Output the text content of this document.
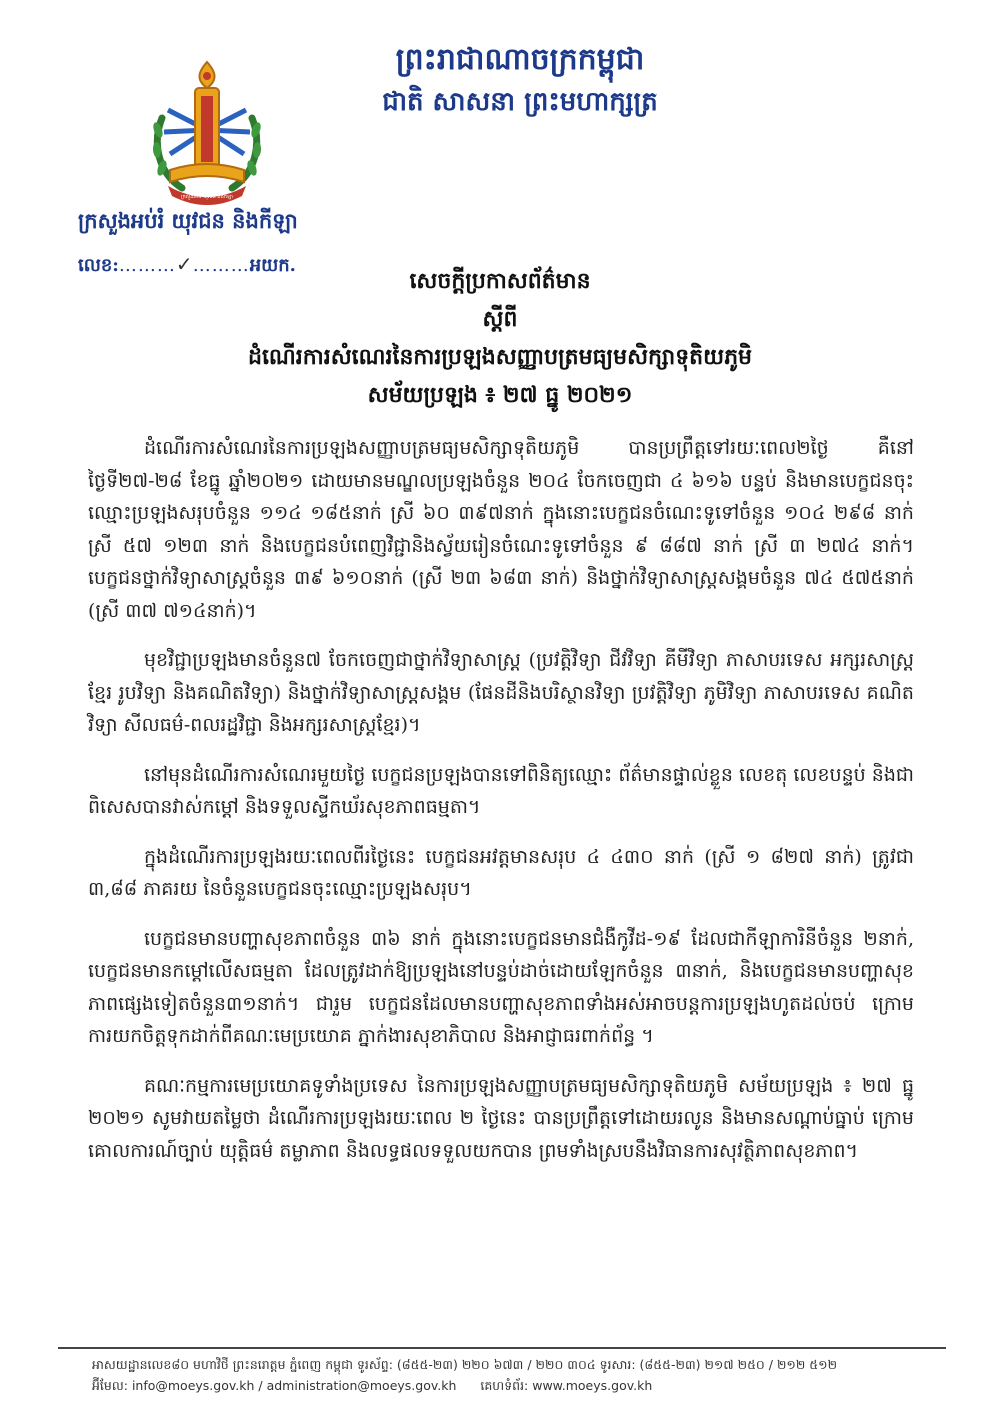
ព្រះរាជាណាចក្រកម្ពុជា
ជាតិ សាសនា ព្រះមហាក្សត្រ
ក្រសួងអប់រំ យុវជន និងកីឡា
ក្រសួងអប់រំ យុវជន និងកីឡា
លេខ:………✓………អយក.
សេចក្តីប្រកាសព័ត៌មាន
ស្តីពី
ដំណើរការសំណេរនៃការប្រឡងសញ្ញាបត្រមធ្យមសិក្សាទុតិយភូមិ
សម័យប្រឡង ៖ ២៧ ធ្នូ ២០២១

ដំណើរការសំណេរនៃការប្រឡងសញ្ញាបត្រមធ្យមសិក្សាទុតិយភូមិ បានប្រព្រឹត្តទៅរយៈពេល២ថ្ងៃ គឺនៅថ្ងៃទី២៧-២៨ ខែធ្នូ ឆ្នាំ២០២១ ដោយមានមណ្ឌលប្រឡងចំនួន ២០៤ ចែកចេញជា ៤ ៦១៦ បន្ទប់ និងមានបេក្ខជនចុះឈ្មោះប្រឡងសរុបចំនួន ១១៤ ១៨៥នាក់ ស្រី ៦០ ៣៩៧នាក់ ក្នុងនោះបេក្ខជនចំណេះទូទៅចំនួន ១០៤ ២៩៨ នាក់ ស្រី ៥៧ ១២៣ នាក់ និងបេក្ខជនបំពេញវិជ្ជានិងស្វ័យរៀនចំណេះទូទៅចំនួន ៩ ៨៨៧ នាក់ ស្រី ៣ ២៧៤ នាក់។ បេក្ខជនថ្នាក់វិទ្យាសាស្ត្រចំនួន ៣៩ ៦១០នាក់ (ស្រី ២៣ ៦៨៣ នាក់) និងថ្នាក់វិទ្យាសាស្ត្រសង្គមចំនួន ៧៤ ៥៧៥នាក់ (ស្រី ៣៧ ៧១៤នាក់)។

មុខវិជ្ជាប្រឡងមានចំនួន៧ ចែកចេញជាថ្នាក់វិទ្យាសាស្ត្រ (ប្រវត្តិវិទ្យា ជីវវិទ្យា គីមីវិទ្យា ភាសាបរទេស អក្សរសាស្ត្រខ្មែរ រូបវិទ្យា និងគណិតវិទ្យា) និងថ្នាក់វិទ្យាសាស្ត្រសង្គម (ផែនដីនិងបរិស្ថានវិទ្យា ប្រវត្តិវិទ្យា ភូមិវិទ្យា ភាសាបរទេស គណិតវិទ្យា សីលធម៌-ពលរដ្ឋវិជ្ជា និងអក្សរសាស្ត្រខ្មែរ)។

នៅមុនដំណើរការសំណេរមួយថ្ងៃ បេក្ខជនប្រឡងបានទៅពិនិត្យឈ្មោះ ព័ត៌មានផ្ទាល់ខ្លួន លេខតុ លេខបន្ទប់ និងជាពិសេសបានវាស់កម្តៅ និងទទួលស្ទីកឃ័រសុខភាពធម្មតា។

ក្នុងដំណើរការប្រឡងរយៈពេលពីរថ្ងៃនេះ បេក្ខជនអវត្តមានសរុប ៤ ៤៣០ នាក់ (ស្រី ១ ៨២៧ នាក់) ត្រូវជា ៣,៨៨ ភាគរយ នៃចំនួនបេក្ខជនចុះឈ្មោះប្រឡងសរុប។

បេក្ខជនមានបញ្ហាសុខភាពចំនួន ៣៦ នាក់ ក្នុងនោះបេក្ខជនមានជំងឺកូវីដ-១៩ ដែលជាកីឡាការិនីចំនួន ២នាក់, បេក្ខជនមានកម្តៅលើសធម្មតា ដែលត្រូវដាក់ឱ្យប្រឡងនៅបន្ទប់ដាច់ដោយឡែកចំនួន ៣នាក់, និងបេក្ខជនមានបញ្ហាសុខភាពផ្សេងទៀតចំនួន៣១នាក់។ ជារួម បេក្ខជនដែលមានបញ្ហាសុខភាពទាំងអស់អាចបន្តការប្រឡងហូតដល់ចប់ ក្រោមការយកចិត្តទុកដាក់ពីគណៈមេប្រយោគ ភ្នាក់ងារសុខាភិបាល និងអាជ្ញាធរពាក់ព័ន្ធ ។

គណៈកម្មការមេប្រយោគទូទាំងប្រទេស នៃការប្រឡងសញ្ញាបត្រមធ្យមសិក្សាទុតិយភូមិ សម័យប្រឡង ៖ ២៧ ធ្នូ ២០២១ សូមវាយតម្លៃថា ដំណើរការប្រឡងរយៈពេល ២ ថ្ងៃនេះ បានប្រព្រឹត្តទៅដោយរលូន និងមានសណ្តាប់ធ្នាប់ ក្រោមគោលការណ៍ច្បាប់ យុត្តិធម៌ តម្លាភាព និងលទ្ធផលទទួលយកបាន ព្រមទាំងស្របនឹងវិធានការសុវត្ថិភាពសុខភាព។

អាសយដ្ឋានលេខ៨០ មហាវិថី ព្រះនរោត្តម ភ្នំពេញ កម្ពុជា ទូរស័ព្ទ: (៨៥៥-២៣) ២២០ ៦៧៣ / ២២០ ៣០៤ ទូរសារ: (៨៥៥-២៣) ២១៧ ២៥០ / ២១២ ៥១២
អ៊ីមែល: info@moeys.gov.kh / administration@moeys.gov.kh គេហទំព័រ: www.moeys.gov.kh
